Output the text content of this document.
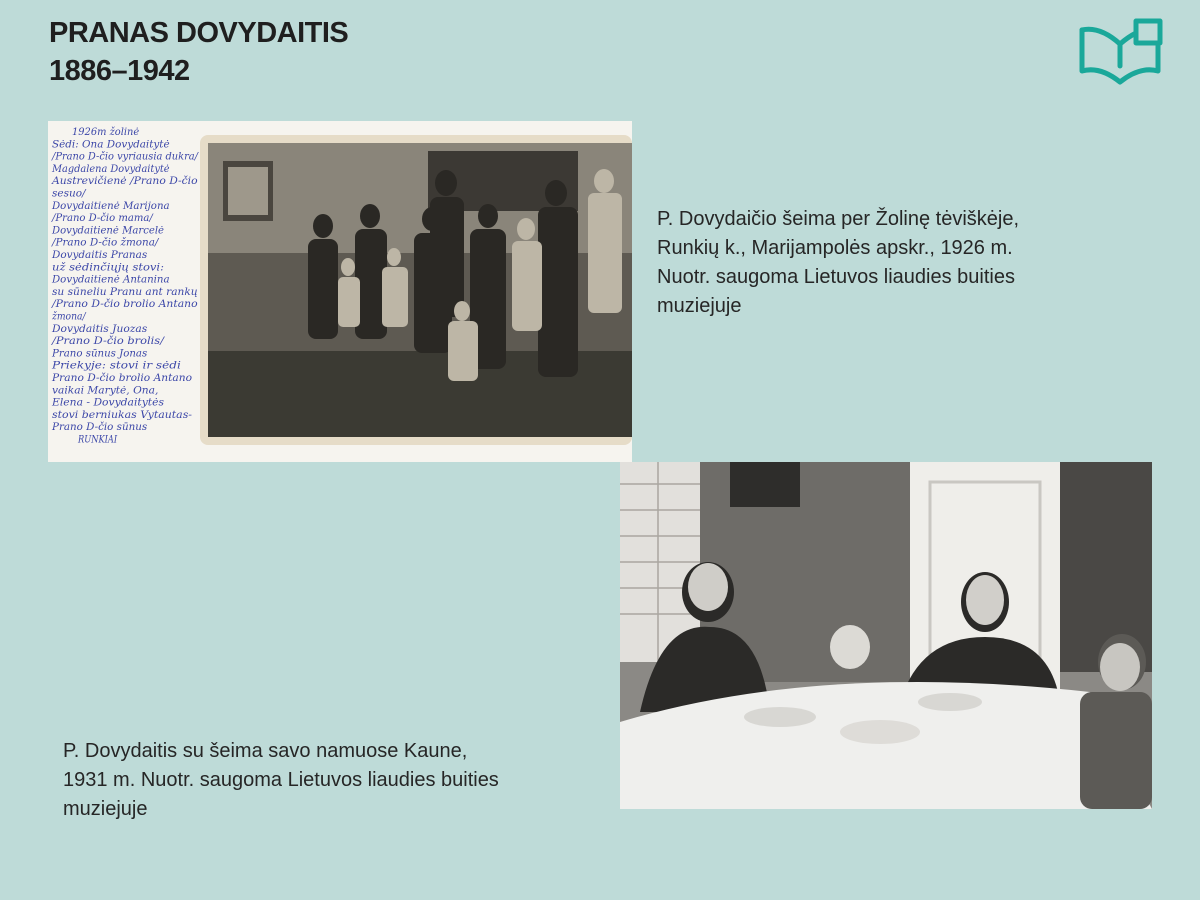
PRANAS DOVYDAITIS
1886–1942
1926m žolinė
Sėdi: Ona Dovydaitytė
/Prano D-čio vyriausia dukra/
Magdalena Dovydaitytė
Austrevičienė /Prano D-čio
sesuo/
Dovydaitienė Marijona
/Prano D-čio mama/
Dovydaitienė Marcelė
/Prano D-čio žmona/
Dovydaitis Pranas
už sėdinčiųjų stovi:
Dovydaitienė Antanina
su sūneliu Pranu ant rankų
/Prano D-čio brolio Antano
žmona/
Dovydaitis Juozas
/Prano D-čio brolis/
Prano sūnus Jonas
Priekyje: stovi ir sėdi
Prano D-čio brolio Antano
vaikai Marytė, Ona,
Elena - Dovydaitytės
stovi berniukas Vytautas-
Prano D-čio sūnus
RUNKIAI
P. Dovydaičio šeima per Žolinę tėviškėje,
Runkių k., Marijampolės apskr., 1926 m.
Nuotr. saugoma Lietuvos liaudies buities
muziejuje
P. Dovydaitis su šeima savo namuose Kaune,
1931 m. Nuotr. saugoma Lietuvos liaudies buities
muziejuje
